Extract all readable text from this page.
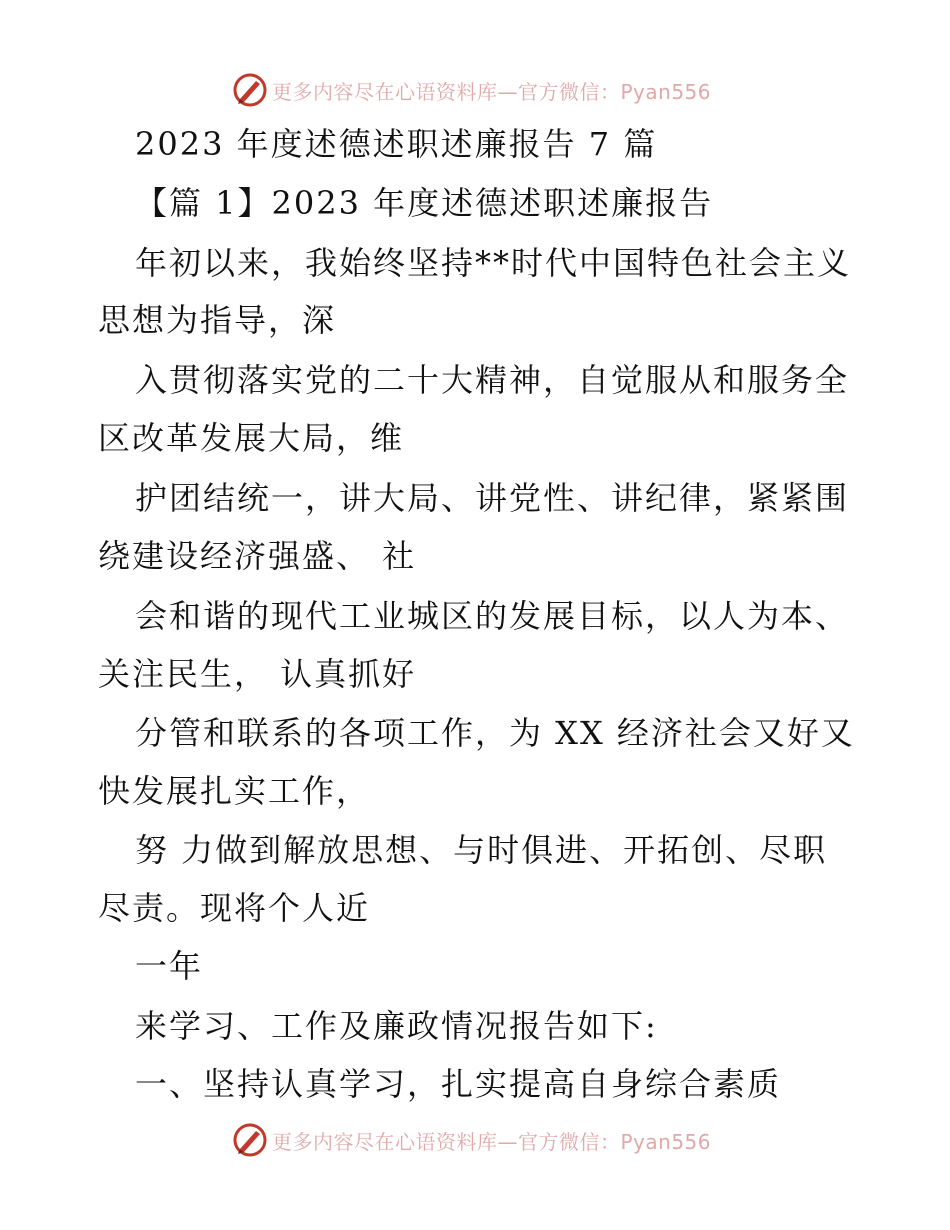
更多内容尽在心语资料库—官方微信：Pyan556
2023 年度述德述职述廉报告 7 篇
【篇 1】2023 年度述德述职述廉报告
年初以来，我始终坚持**时代中国特色社会主义
思想为指导，深
入贯彻落实党的二十大精神，自觉服从和服务全
区改革发展大局，维
护团结统一，讲大局、讲党性、讲纪律，紧紧围
绕建设经济强盛、 社
会和谐的现代工业城区的发展目标，以人为本、
关注民生， 认真抓好
分管和联系的各项工作，为 XX 经济社会又好又
快发展扎实工作，
努 力做到解放思想、与时俱进、开拓创、尽职
尽责。现将个人近
一年
来学习、工作及廉政情况报告如下:
一、坚持认真学习，扎实提高自身综合素质
更多内容尽在心语资料库—官方微信：Pyan556
